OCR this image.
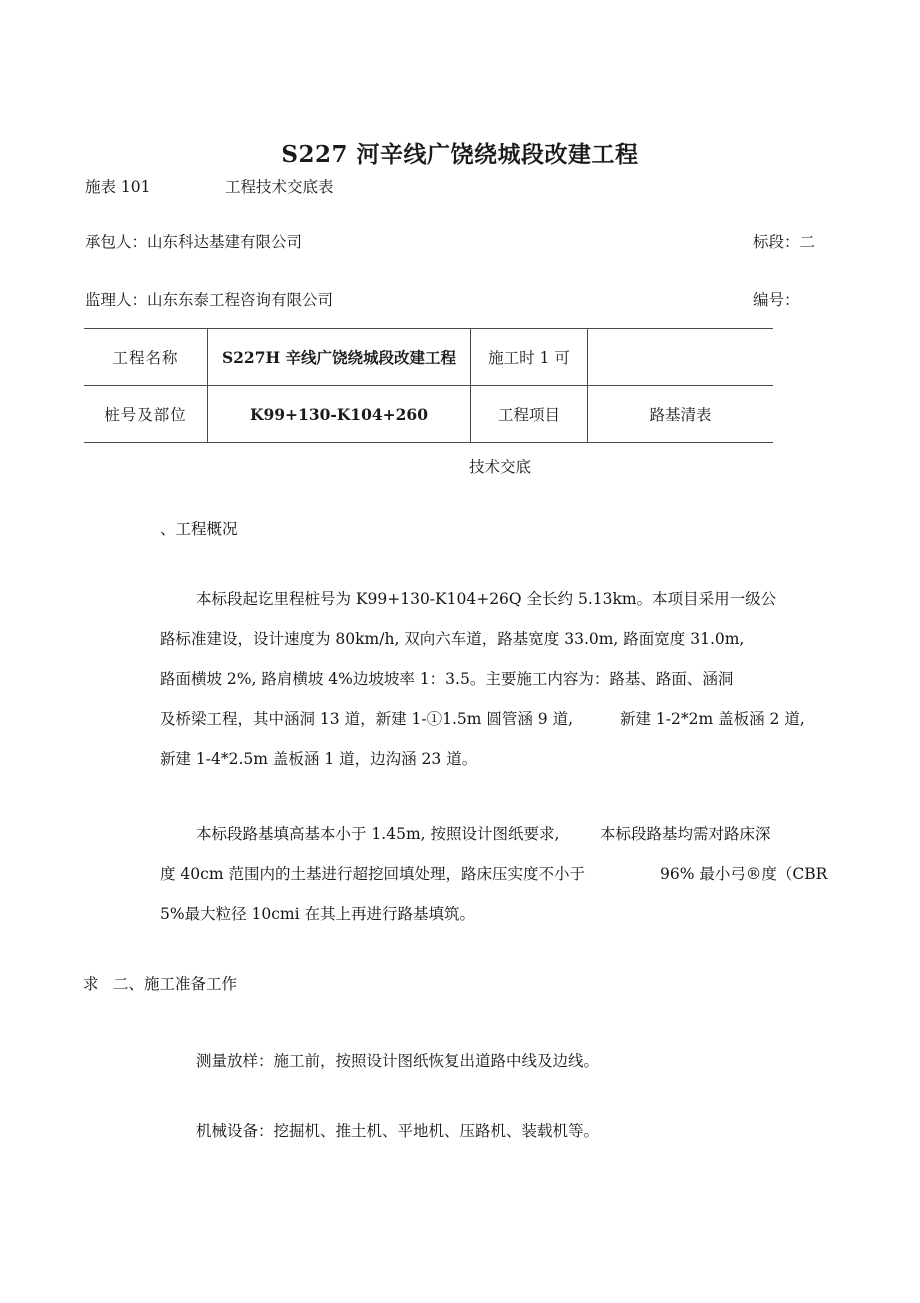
S227 河辛线广饶绕城段改建工程
施表 101	工程技术交底表
承包人：山东科达基建有限公司	标段：二
监理人：山东东泰工程咨询有限公司	编号：
工程名称	S227H 辛线广饶绕城段改建工程	施工时 1 可	
桩号及部位	K99+130-K104+260	工程项目	路基清表
技术交底
、工程概况
本标段起讫里程桩号为 K99+130-K104+26Q 全长约 5.13km。本项目采用一级公
路标准建设，设计速度为 80km/h, 双向六车道，路基宽度 33.0m, 路面宽度 31.0m,
路面横坡 2%, 路肩横坡 4%边坡坡率 1：3.5。主要施工内容为：路基、路面、涵洞
及桥梁工程，其中涵洞 13 道，新建 1-①1.5m 圆管涵 9 道,	新建 1-2*2m 盖板涵 2 道,
新建 1-4*2.5m 盖板涵 1 道，边沟涵 23 道。
本标段路基填高基本小于 1.45m, 按照设计图纸要求,	本标段路基均需对路床深
度 40cm 范围内的土基进行超挖回填处理，路床压实度不小于	96% 最小弓®度（CBR
5%最大粒径 10cmi 在其上再进行路基填筑。
求 二、施工准备工作
测量放样：施工前，按照设计图纸恢复出道路中线及边线。
机械设备：挖掘机、推土机、平地机、压路机、装载机等。
